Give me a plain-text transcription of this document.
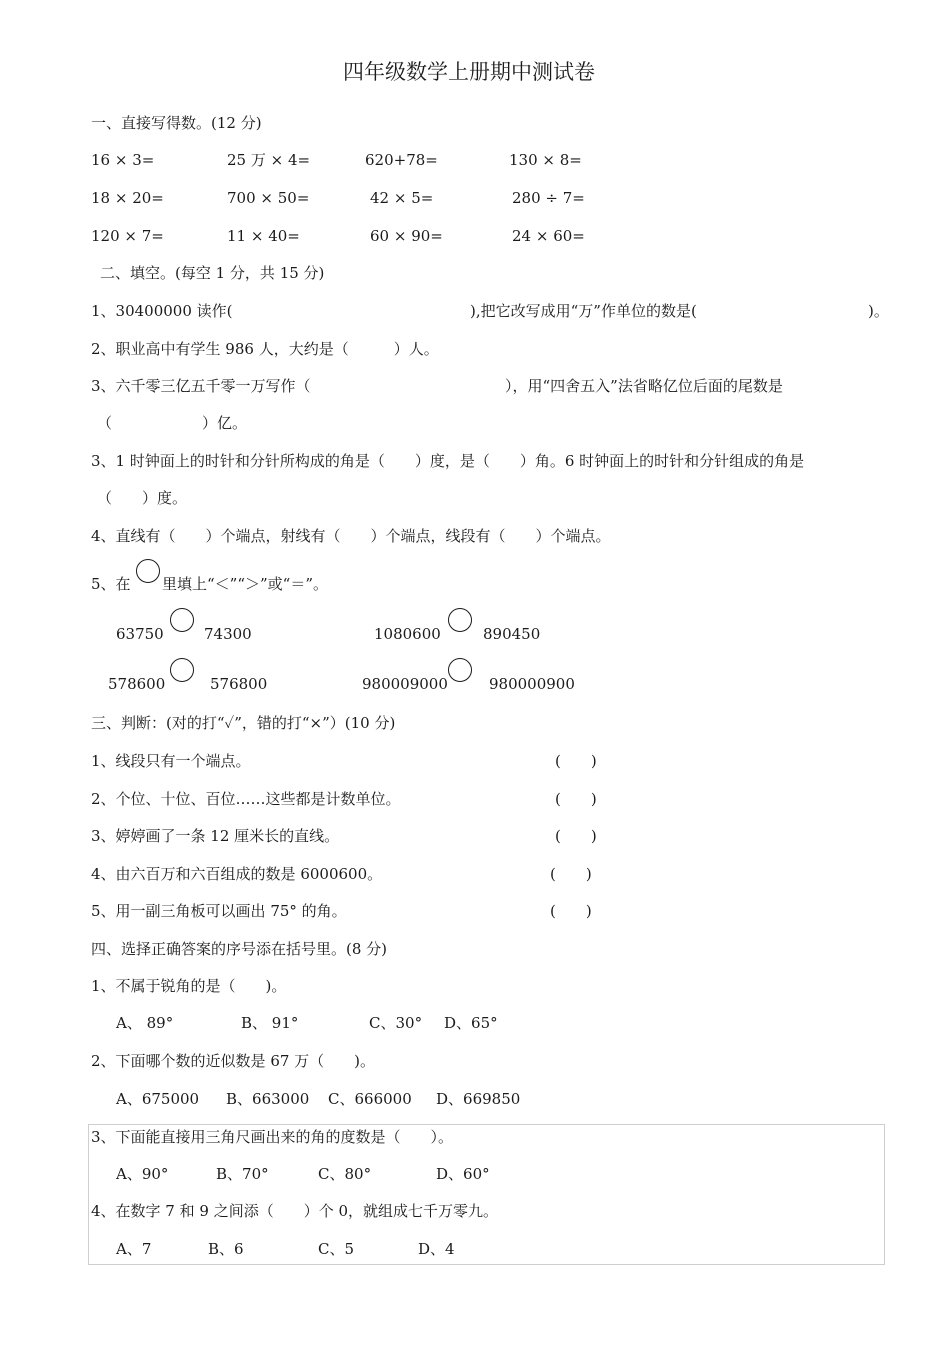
四年级数学上册期中测试卷
一、直接写得数。(12 分)
16 × 3=	25 万 × 4=	620+78=	130 × 8=
18 × 20=	700 × 50=	42 × 5=	280 ÷ 7=
120 × 7=	11 × 40=	60 × 90=	24 × 60=
二、填空。(每空 1 分，共 15 分)
1、30400000 读作(	),把它改写成用“万”作单位的数是(	)。
2、职业高中有学生 986 人，大约是（　　　）人。
3、六千零三亿五千零一万写作（	），用“四舍五入”法省略亿位后面的尾数是
（　　　　　　）亿。
3、1 时钟面上的时针和分针所构成的角是（　　）度，是（　　）角。6 时钟面上的时针和分针组成的角是
（　　）度。
4、直线有（　　）个端点，射线有（　　）个端点，线段有（　　）个端点。
5、在 里填上“＜”“＞”或“＝”。
63750	74300	1080600	890450
578600	576800	980009000	980000900
三、判断：(对的打“✓”，错的打“×”）(10 分)
1、线段只有一个端点。	(　　)
2、个位、十位、百位……这些都是计数单位。	(　　)
3、婷婷画了一条 12 厘米长的直线。	(　　)
4、由六百万和六百组成的数是 6000600。	(　　)
5、用一副三角板可以画出 75° 的角。	(　　)
四、选择正确答案的序号添在括号里。(8 分)
1、不属于锐角的是（　　)。
A、 89°	B、 91°	C、30° D、65°
2、下面哪个数的近似数是 67 万（　　)。
A、675000 B、663000 C、666000 D、669850
3、下面能直接用三角尺画出来的角的度数是（　　）。
A、90°	B、70°	C、80°	D、60°
4、在数字 7 和 9 之间添（　　）个 0，就组成七千万零九。
A、7	B、6	C、5	D、4
